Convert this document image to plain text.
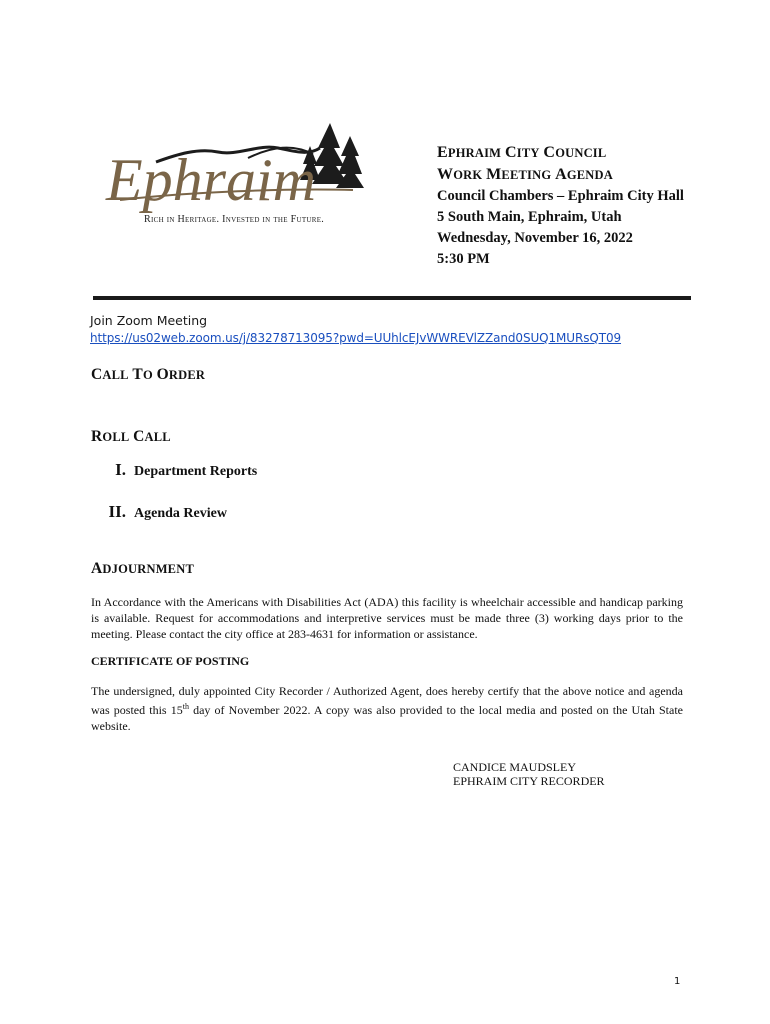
Ephraim
Rich in Heritage. Invested in the Future.
EPHRAIM CITY COUNCIL
WORK MEETING AGENDA
Council Chambers – Ephraim City Hall
5 South Main, Ephraim, Utah
Wednesday, November 16, 2022
5:30 PM
Join Zoom Meeting
https://us02web.zoom.us/j/83278713095?pwd=UUhlcEJvWWREVlZZand0SUQ1MURsQT09
CALL TO ORDER
ROLL CALL
I. Department Reports
II. Agenda Review
ADJOURNMENT
In Accordance with the Americans with Disabilities Act (ADA) this facility is wheelchair accessible and handicap parking is available. Request for accommodations and interpretive services must be made three (3) working days prior to the meeting. Please contact the city office at 283-4631 for information or assistance.
CERTIFICATE OF POSTING
The undersigned, duly appointed City Recorder / Authorized Agent, does hereby certify that the above notice and agenda was posted this 15th day of November 2022. A copy was also provided to the local media and posted on the Utah State website.
CANDICE MAUDSLEY
EPHRAIM CITY RECORDER
1
